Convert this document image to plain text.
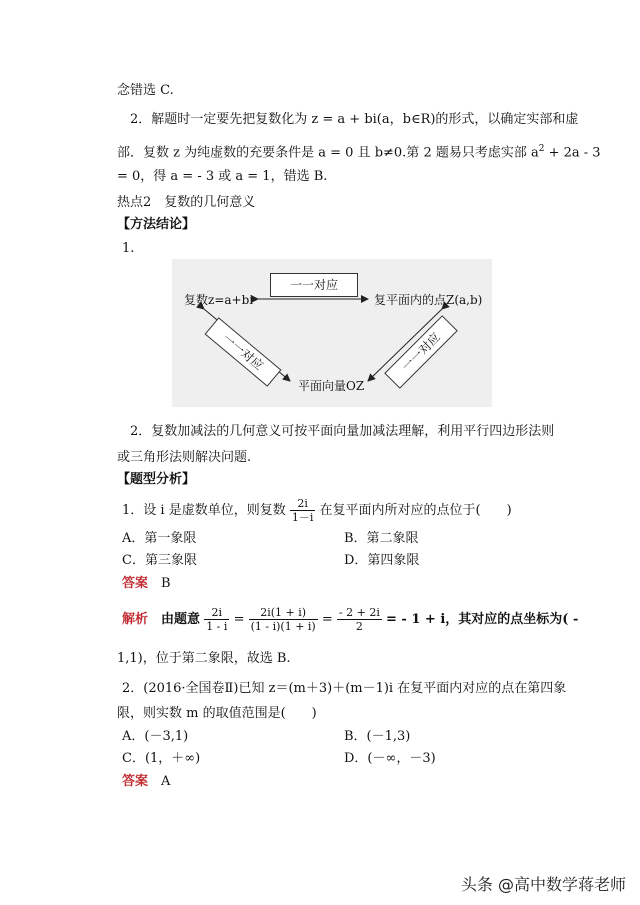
念错选 C.
2．解题时一定要先把复数化为 z = a + bi(a，b∈R)的形式，以确定实部和虚
部．复数 z 为纯虚数的充要条件是 a = 0 且 b≠0.第 2 题易只考虑实部 $a^2 + 2a - 3$
= 0，得 a = - 3 或 a = 1，错选 B.
热点2　复数的几何意义
【方法结论】
1.
一一对应
复数z=a+bi	复平面内的点Z(a,b)
平面向量OZ
一一对应	一一对应
2．复数加减法的几何意义可按平面向量加减法理解，利用平行四边形法则
或三角形法则解决问题.
【题型分析】
1．设 i 是虚数单位，则复数 $\frac{2i}{1-i}$ 在复平面内所对应的点位于(　　)
A．第一象限	B．第二象限
C．第三象限	D．第四象限
答案　 B
解析　 由题意 $\frac{2i}{1 - i} = \frac{2i(1 + i)}{(1 - i)(1 + i)} = \frac{- 2 + 2i}{2}$ = - 1 + i，其对应的点坐标为( -
1,1)，位于第二象限，故选 B.
2．(2016·全国卷Ⅱ)已知 z＝(m＋3)＋(m－1)i 在复平面内对应的点在第四象
限，则实数 m 的取值范围是(　　)
A．(－3,1)	B．(－1,3)
C．(1，＋∞)	D．(－∞，－3)
答案　 A
头条 @高中数学蒋老师
